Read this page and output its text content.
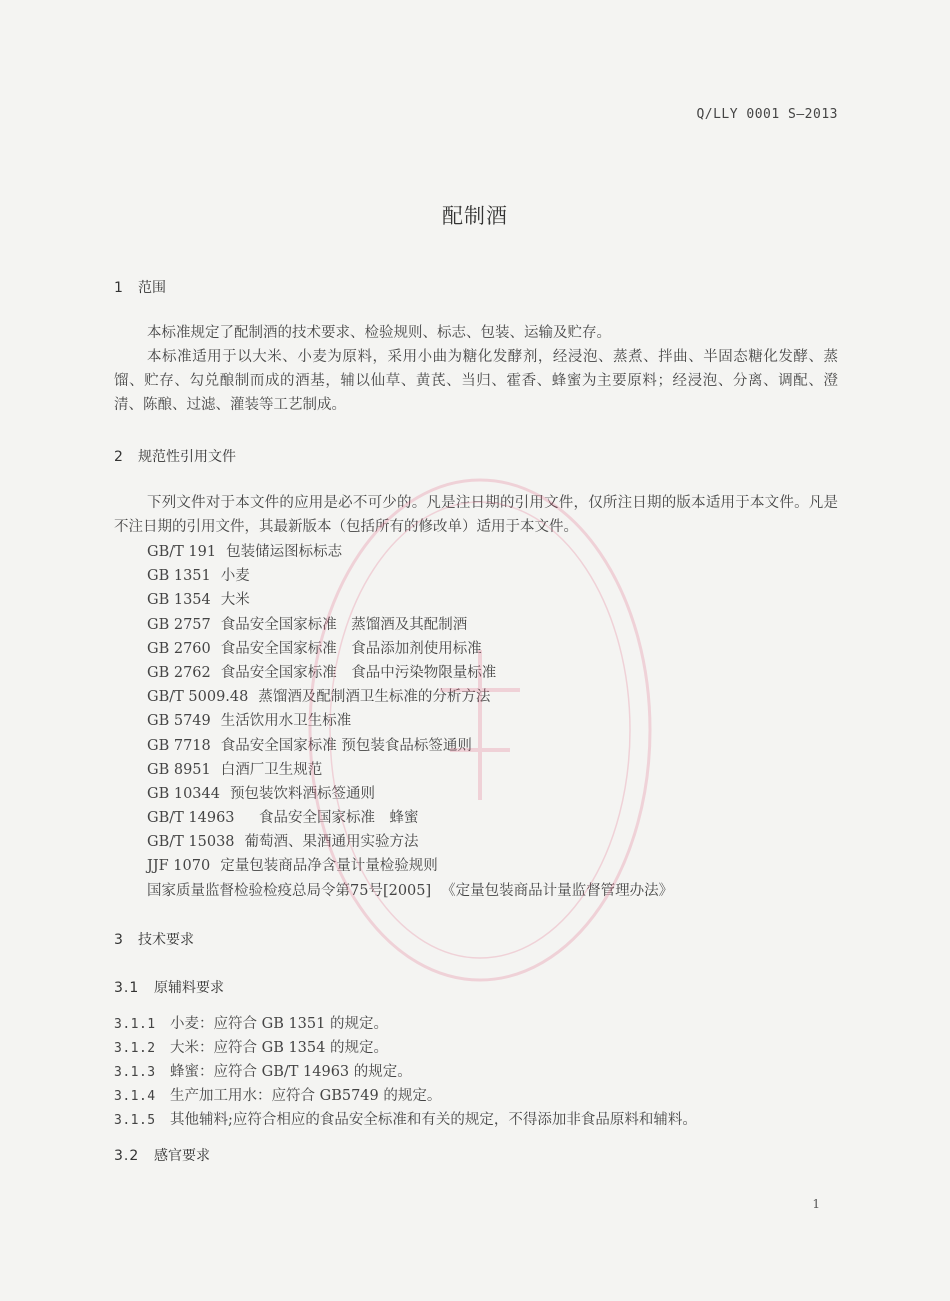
Q/LLY 0001 S—2013
配制酒
1 范围
本标准规定了配制酒的技术要求、检验规则、标志、包装、运输及贮存。
本标准适用于以大米、小麦为原料，采用小曲为糖化发酵剂，经浸泡、蒸煮、拌曲、半固态糖化发酵、蒸馏、贮存、勾兑酿制而成的酒基，辅以仙草、黄芪、当归、霍香、蜂蜜为主要原料；经浸泡、分离、调配、澄清、陈酿、过滤、灌装等工艺制成。
2 规范性引用文件
下列文件对于本文件的应用是必不可少的。凡是注日期的引用文件，仅所注日期的版本适用于本文件。凡是不注日期的引用文件，其最新版本（包括所有的修改单）适用于本文件。
GB/T 191 包装储运图标标志
GB 1351 小麦
GB 1354 大米
GB 2757 食品安全国家标准　蒸馏酒及其配制酒
GB 2760 食品安全国家标准　食品添加剂使用标准
GB 2762 食品安全国家标准　食品中污染物限量标准
GB/T 5009.48 蒸馏酒及配制酒卫生标准的分析方法
GB 5749 生活饮用水卫生标准
GB 7718 食品安全国家标准 预包装食品标签通则
GB 8951 白酒厂卫生规范
GB 10344 预包装饮料酒标签通则
GB/T 14963　食品安全国家标准　蜂蜜
GB/T 15038 葡萄酒、果酒通用实验方法
JJF 1070 定量包装商品净含量计量检验规则
国家质量监督检验检疫总局令第75号[2005] 《定量包装商品计量监督管理办法》
3 技术要求
3.1 原辅料要求
3.1.1 小麦：应符合 GB 1351 的规定。
3.1.2 大米：应符合 GB 1354 的规定。
3.1.3 蜂蜜：应符合 GB/T 14963 的规定。
3.1.4 生产加工用水：应符合 GB5749 的规定。
3.1.5 其他辅料;应符合相应的食品安全标准和有关的规定，不得添加非食品原料和辅料。
3.2 感官要求
1
